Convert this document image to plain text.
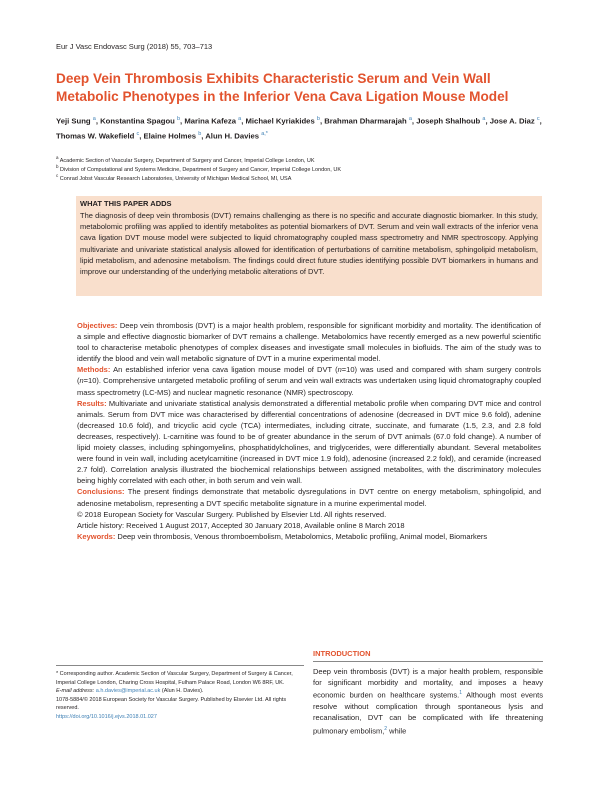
Eur J Vasc Endovasc Surg (2018) 55, 703–713
Deep Vein Thrombosis Exhibits Characteristic Serum and Vein Wall Metabolic Phenotypes in the Inferior Vena Cava Ligation Mouse Model
Yeji Sung $^a$, Konstantina Spagou $^b$, Marina Kafeza $^a$, Michael Kyriakides $^b$, Brahman Dharmarajah $^a$, Joseph Shalhoub $^a$, Jose A. Diaz $^c$, Thomas W. Wakefield $^c$, Elaine Holmes $^b$, Alun H. Davies $^{a,*}$
$^a$ Academic Section of Vascular Surgery, Department of Surgery and Cancer, Imperial College London, UK
$^b$ Division of Computational and Systems Medicine, Department of Surgery and Cancer, Imperial College London, UK
$^c$ Conrad Jobst Vascular Research Laboratories, University of Michigan Medical School, MI, USA
WHAT THIS PAPER ADDS
The diagnosis of deep vein thrombosis (DVT) remains challenging as there is no specific and accurate diagnostic biomarker. In this study, metabolomic profiling was applied to identify metabolites as potential biomarkers of DVT. Serum and vein wall extracts of the inferior vena cava ligation DVT mouse model were subjected to liquid chromatography coupled mass spectrometry and NMR spectroscopy. Applying multivariate and univariate statistical analysis allowed for identification of perturbations of carnitine metabolism, sphingolipid metabolism, lipid metabolism, and adenosine metabolism. The findings could direct future studies identifying possible DVT biomarkers in humans and improve our understanding of the underlying metabolic alterations of DVT.

Objectives: Deep vein thrombosis (DVT) is a major health problem, responsible for significant morbidity and mortality. The identification of a simple and effective diagnostic biomarker of DVT remains a challenge. Metabolomics have recently emerged as a new powerful scientific tool to characterise metabolic phenotypes of complex diseases and investigate small molecules in biofluids. The aim of the study was to identify the blood and vein wall metabolic signature of DVT in a murine experimental model.

Methods: An established inferior vena cava ligation mouse model of DVT (n=10) was used and compared with sham surgery controls (n=10). Comprehensive untargeted metabolic profiling of serum and vein wall extracts was undertaken using liquid chromatography coupled mass spectrometry (LC-MS) and nuclear magnetic resonance (NMR) spectroscopy.

Results: Multivariate and univariate statistical analysis demonstrated a differential metabolic profile when comparing DVT mice and control animals. Serum from DVT mice was characterised by differential concentrations of adenosine (decreased in DVT mice 9.6 fold), adenine (decreased 10.6 fold), and tricyclic acid cycle (TCA) intermediates, including citrate, succinate, and fumarate (1.5, 2.3, and 2.8 fold decreases, respectively). L-carnitine was found to be of greater abundance in the serum of DVT animals (67.0 fold change). A number of lipid moiety classes, including sphingomyelins, phosphatidylcholines, and triglycerides, were differentially abundant. Several metabolites were found in vein wall, including acetylcarnitine (increased in DVT mice 1.9 fold), adenosine (increased 2.2 fold), and ceramide (increased 2.7 fold). Correlation analysis illustrated the biochemical relationships between assigned metabolites, with the discriminatory molecules being highly correlated with each other, in both serum and vein wall.

Conclusions: The present findings demonstrate that metabolic dysregulations in DVT centre on energy metabolism, sphingolipid, and adenosine metabolism, representing a DVT specific metabolite signature in a murine experimental model.

© 2018 European Society for Vascular Surgery. Published by Elsevier Ltd. All rights reserved.

Article history: Received 1 August 2017, Accepted 30 January 2018, Available online 8 March 2018

Keywords: Deep vein thrombosis, Venous thromboembolism, Metabolomics, Metabolic profiling, Animal model, Biomarkers

* Corresponding author. Academic Section of Vascular Surgery, Department of Surgery & Cancer, Imperial College London, Charing Cross Hospital, Fulham Palace Road, London W6 8RF, UK.

E-mail address: a.h.davies@imperial.ac.uk (Alun H. Davies).

1078-5884/© 2018 European Society for Vascular Surgery. Published by Elsevier Ltd. All rights reserved.

https://doi.org/10.1016/j.ejvs.2018.01.027

INTRODUCTION
Deep vein thrombosis (DVT) is a major health problem, responsible for significant morbidity and mortality, and imposes a heavy economic burden on healthcare systems.$^1$ Although most events resolve without complication through spontaneous lysis and recanalisation, DVT can be complicated with life threatening pulmonary embolism,$^2$ while
